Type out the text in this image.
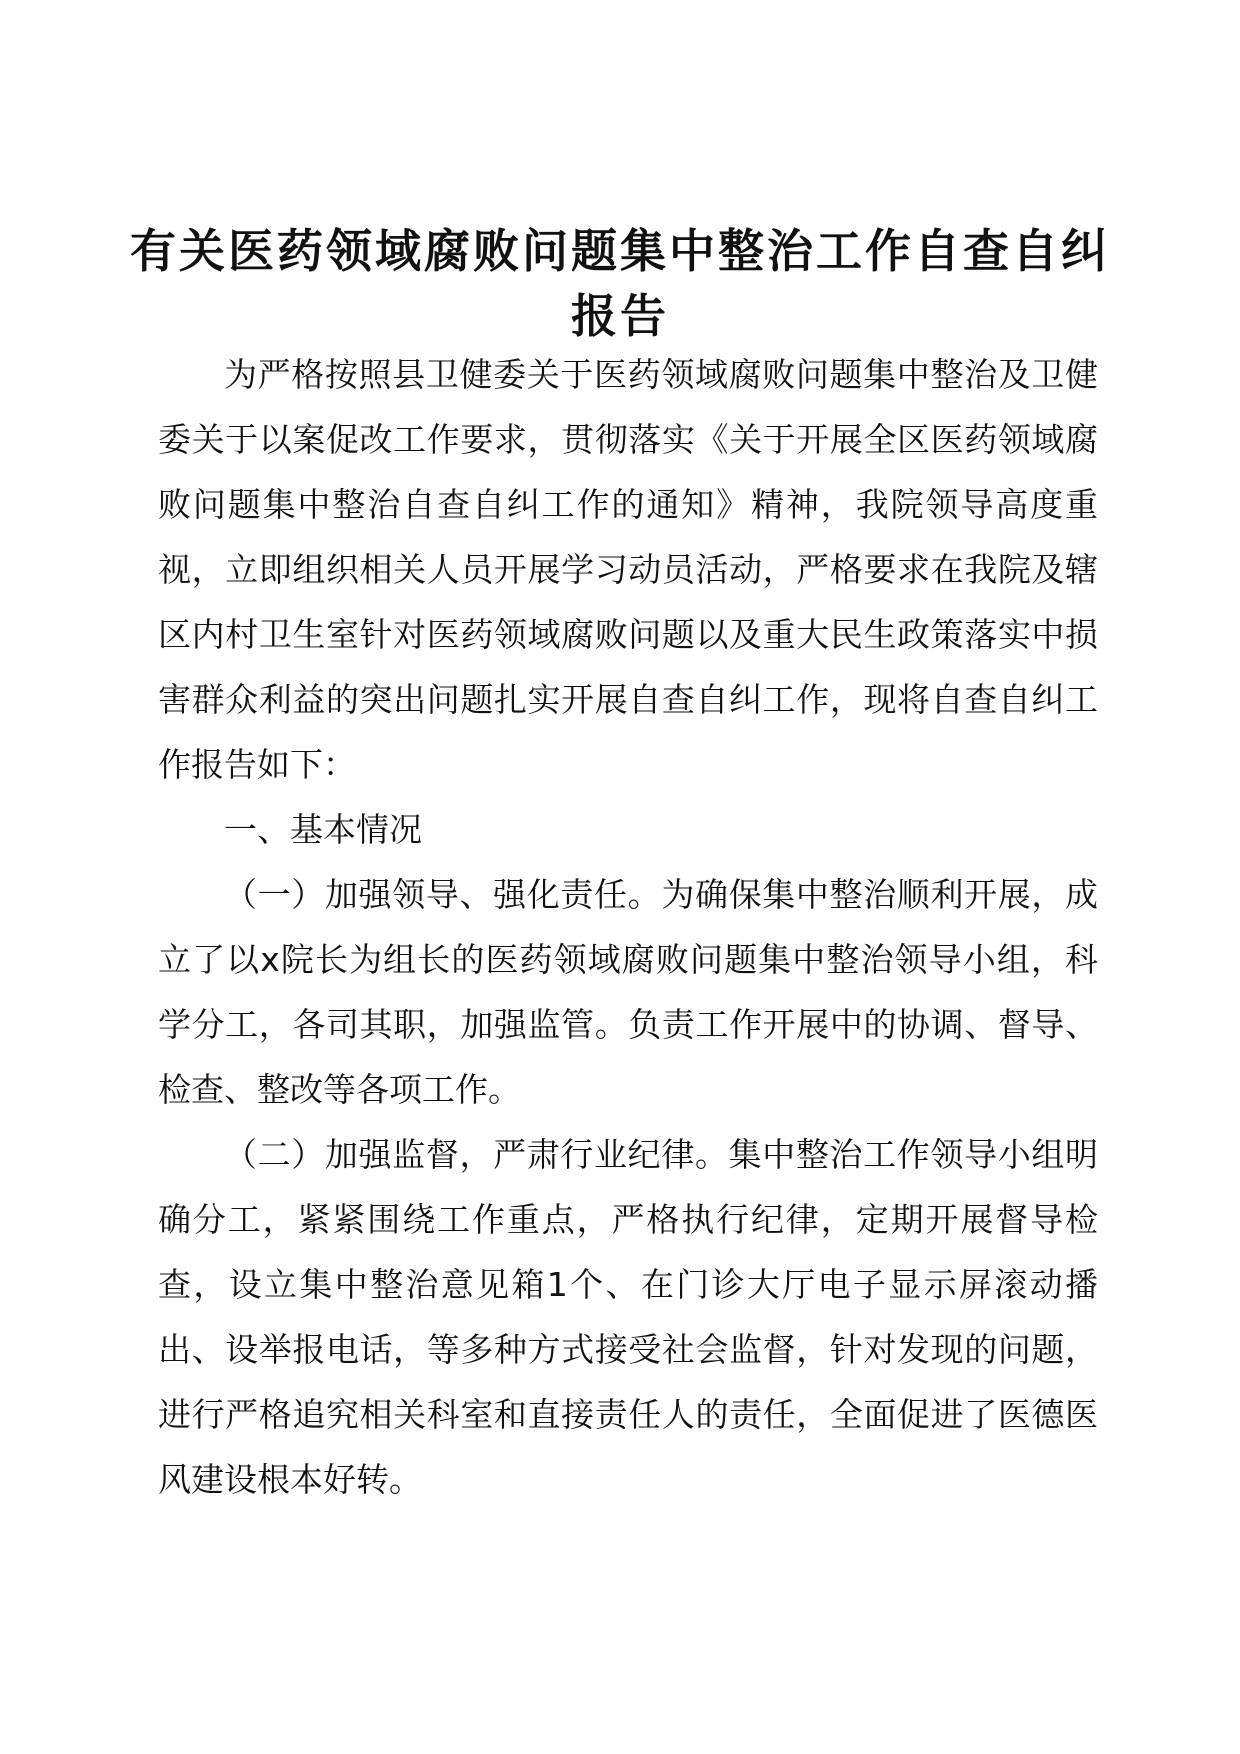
有关医药领域腐败问题集中整治工作自查自纠
报告

为严格按照县卫健委关于医药领域腐败问题集中整治及卫健委关于以案促改工作要求，贯彻落实《关于开展全区医药领域腐败问题集中整治自查自纠工作的通知》精神，我院领导高度重视，立即组织相关人员开展学习动员活动，严格要求在我院及辖区内村卫生室针对医药领域腐败问题以及重大民生政策落实中损害群众利益的突出问题扎实开展自查自纠工作，现将自查自纠工作报告如下：

一、基本情况

（一）加强领导、强化责任。为确保集中整治顺利开展，成立了以x院长为组长的医药领域腐败问题集中整治领导小组，科学分工，各司其职，加强监管。负责工作开展中的协调、督导、检查、整改等各项工作。

（二）加强监督，严肃行业纪律。集中整治工作领导小组明确分工，紧紧围绕工作重点，严格执行纪律，定期开展督导检查，设立集中整治意见箱1个、在门诊大厅电子显示屏滚动播出、设举报电话，等多种方式接受社会监督，针对发现的问题，进行严格追究相关科室和直接责任人的责任，全面促进了医德医风建设根本好转。
